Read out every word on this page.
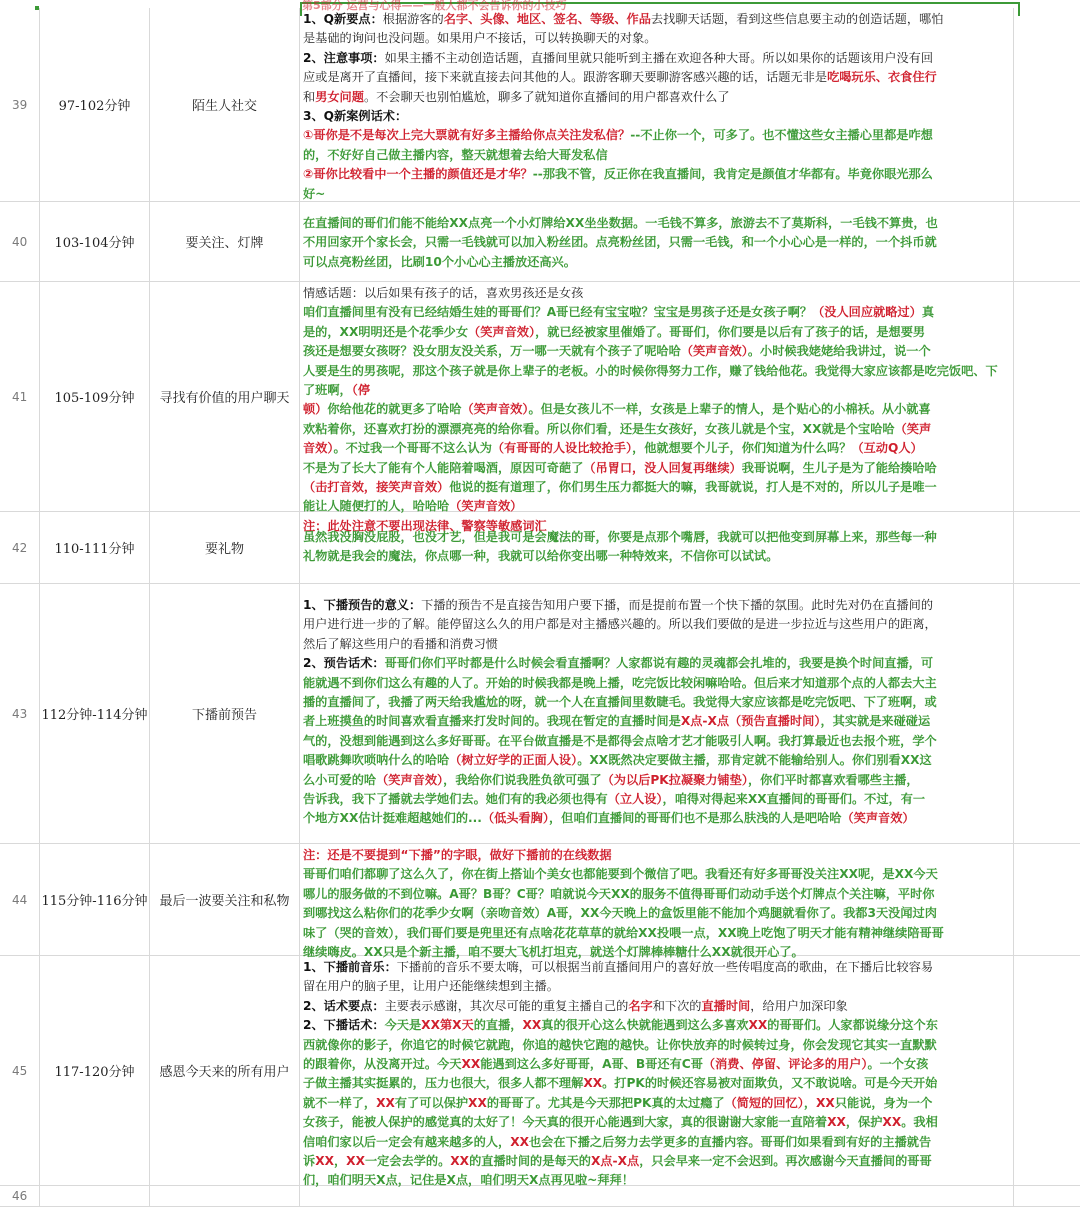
第5部分 运营与心得——一般人都不会告诉你的小技巧
39	97-102分钟	陌生人社交
1、Q新要点：根据游客的名字、头像、地区、签名、等级、作品去找聊天话题，看到这些信息要主动的创造话题，哪怕
是基础的询问也没问题。如果用户不接话，可以转换聊天的对象。
2、注意事项：如果主播不主动创造话题，直播间里就只能听到主播在欢迎各种大哥。所以如果你的话题该用户没有回
应或是离开了直播间，接下来就直接去问其他的人。跟游客聊天要聊游客感兴趣的话，话题无非是吃喝玩乐、衣食住行
和男女问题。不会聊天也别怕尴尬，聊多了就知道你直播间的用户都喜欢什么了
3、Q新案例话术：
①哥你是不是每次上完大票就有好多主播给你点关注发私信？--不止你一个，可多了。也不懂这些女主播心里都是咋想
的，不好好自己做主播内容，整天就想着去给大哥发私信
②哥你比较看中一个主播的颜值还是才华？--那我不管，反正你在我直播间，我肯定是颜值才华都有。毕竟你眼光那么
好~
40	103-104分钟	要关注、灯牌
在直播间的哥们们能不能给XX点亮一个小灯牌给XX坐坐数据。一毛钱不算多，旅游去不了莫斯科，一毛钱不算贵，也
不用回家开个家长会，只需一毛钱就可以加入粉丝团。点亮粉丝团，只需一毛钱，和一个小心心是一样的，一个抖币就
可以点亮粉丝团，比刷10个小心心主播放还高兴。
41	105-109分钟	寻找有价值的用户聊天
情感话题：以后如果有孩子的话，喜欢男孩还是女孩
咱们直播间里有没有已经结婚生娃的哥哥们？A哥已经有宝宝啦？宝宝是男孩子还是女孩子啊？（没人回应就略过）真
是的，XX明明还是个花季少女（笑声音效），就已经被家里催婚了。哥哥们，你们要是以后有了孩子的话，是想要男
孩还是想要女孩呀？没女朋友没关系，万一哪一天就有个孩子了呢哈哈（笑声音效）。小时候我姥姥给我讲过，说一个
人要是生的男孩呢，那这个孩子就是你上辈子的老板。小的时候你得努力工作，赚了钱给他花。我觉得大家应该都是吃完饭吧、下了班啊，（停
顿）你给他花的就更多了哈哈（笑声音效）。但是女孩儿不一样，女孩是上辈子的情人，是个贴心的小棉袄。从小就喜
欢粘着你，还喜欢打扮的漂漂亮亮的给你看。所以你们看，还是生女孩好，女孩儿就是个宝，XX就是个宝哈哈（笑声
音效）。不过我一个哥哥不这么认为（有哥哥的人设比较抢手），他就想要个儿子，你们知道为什么吗？（互动Q人）
不是为了长大了能有个人能陪着喝酒，原因可奇葩了（吊胃口，没人回复再继续）我哥说啊，生儿子是为了能给揍哈哈
（击打音效，接笑声音效）他说的挺有道理了，你们男生压力都挺大的嘛，我哥就说，打人是不对的，所以儿子是唯一
能让人随便打的人，哈哈哈（笑声音效）
注：此处注意不要出现法律、警察等敏感词汇
42	110-111分钟	要礼物
虽然我没胸没屁股，也没才艺，但是我可是会魔法的哥，你要是点那个嘴唇，我就可以把他变到屏幕上来，那些每一种
礼物就是我会的魔法，你点哪一种，我就可以给你变出哪一种特效来，不信你可以试试。
43	112分钟-114分钟	下播前预告
1、下播预告的意义：下播的预告不是直接告知用户要下播，而是提前布置一个快下播的氛围。此时先对仍在直播间的
用户进行进一步的了解。能停留这么久的用户都是对主播感兴趣的。所以我们要做的是进一步拉近与这些用户的距离，
然后了解这些用户的看播和消费习惯
2、预告话术：哥哥们你们平时都是什么时候会看直播啊？人家都说有趣的灵魂都会扎堆的，我要是换个时间直播，可
能就遇不到你们这么有趣的人了。开始的时候我都是晚上播，吃完饭比较闲嘛哈哈。但后来才知道那个点的人都去大主
播的直播间了，我播了两天给我尴尬的呀，就一个人在直播间里数睫毛。我觉得大家应该都是吃完饭吧、下了班啊，或
者上班摸鱼的时间喜欢看直播来打发时间的。我现在暂定的直播时间是X点-X点（预告直播时间），其实就是来碰碰运
气的，没想到能遇到这么多好哥哥。在平台做直播是不是都得会点啥才艺才能吸引人啊。我打算最近也去报个班，学个
唱歌跳舞吹唢呐什么的哈哈（树立好学的正面人设）。XX既然决定要做主播，那肯定就不能输给别人。你们别看XX这
么小可爱的哈（笑声音效），我给你们说我胜负欲可强了（为以后PK拉凝聚力铺垫），你们平时都喜欢看哪些主播，
告诉我，我下了播就去学她们去。她们有的我必须也得有（立人设），咱得对得起来XX直播间的哥哥们。不过，有一
个地方XX估计挺难超越她们的...（低头看胸），但咱们直播间的哥哥们也不是那么肤浅的人是吧哈哈（笑声音效）
44	115分钟-116分钟 最后一波要关注和私物
注：还是不要提到“下播”的字眼，做好下播前的在线数据
哥哥们咱们都聊了这么久了，你在街上搭讪个美女也都能要到个微信了吧。我看还有好多哥哥没关注XX呢，是XX今天
哪儿的服务做的不到位嘛。A哥？B哥？C哥？咱就说今天XX的服务不值得哥哥们动动手送个灯牌点个关注嘛，平时你
到哪找这么粘你们的花季少女啊（亲吻音效）A哥，XX今天晚上的盒饭里能不能加个鸡腿就看你了。我都3天没闻过肉
味了（哭的音效），我们哥们要是兜里还有点啥花花草草的就给XX投喂一点，XX晚上吃饱了明天才能有精神继续陪哥哥
继续嗨皮。XX只是个新主播，咱不要大飞机打坦克，就送个灯牌棒棒糖什么XX就很开心了。
45	117-120分钟	感恩今天来的所有用户
1、下播前音乐：下播前的音乐不要太嗨，可以根据当前直播间用户的喜好放一些传唱度高的歌曲，在下播后比较容易
留在用户的脑子里，让用户还能继续想到主播。
2、话术要点：主要表示感谢，其次尽可能的重复主播自己的名字和下次的直播时间，给用户加深印象
2、下播话术：今天是XX第X天的直播，XX真的很开心这么快就能遇到这么多喜欢XX的哥哥们。人家都说缘分这个东
西就像你的影子，你追它的时候它就跑，你追的越快它跑的越快。让你快放弃的时候转过身，你会发现它其实一直默默
的跟着你，从没离开过。今天XX能遇到这么多好哥哥，A哥、B哥还有C哥（消费、停留、评论多的用户）。一个女孩
子做主播其实挺累的，压力也很大，很多人都不理解XX。打PK的时候还容易被对面欺负，又不敢说啥。可是今天开始
就不一样了，XX有了可以保护XX的哥哥了。尤其是今天那把PK真的太过瘾了（简短的回忆），XX只能说，身为一个
女孩子，能被人保护的感觉真的太好了！今天真的很开心能遇到大家，真的很谢谢大家能一直陪着XX，保护XX。我相
信咱们家以后一定会有越来越多的人，XX也会在下播之后努力去学更多的直播内容。哥哥们如果看到有好的主播就告
诉XX，XX一定会去学的。XX的直播时间的是每天的X点-X点，只会早来一定不会迟到。再次感谢今天直播间的哥哥
们，咱们明天X点，记住是X点，咱们明天X点再见啦~拜拜！
46
